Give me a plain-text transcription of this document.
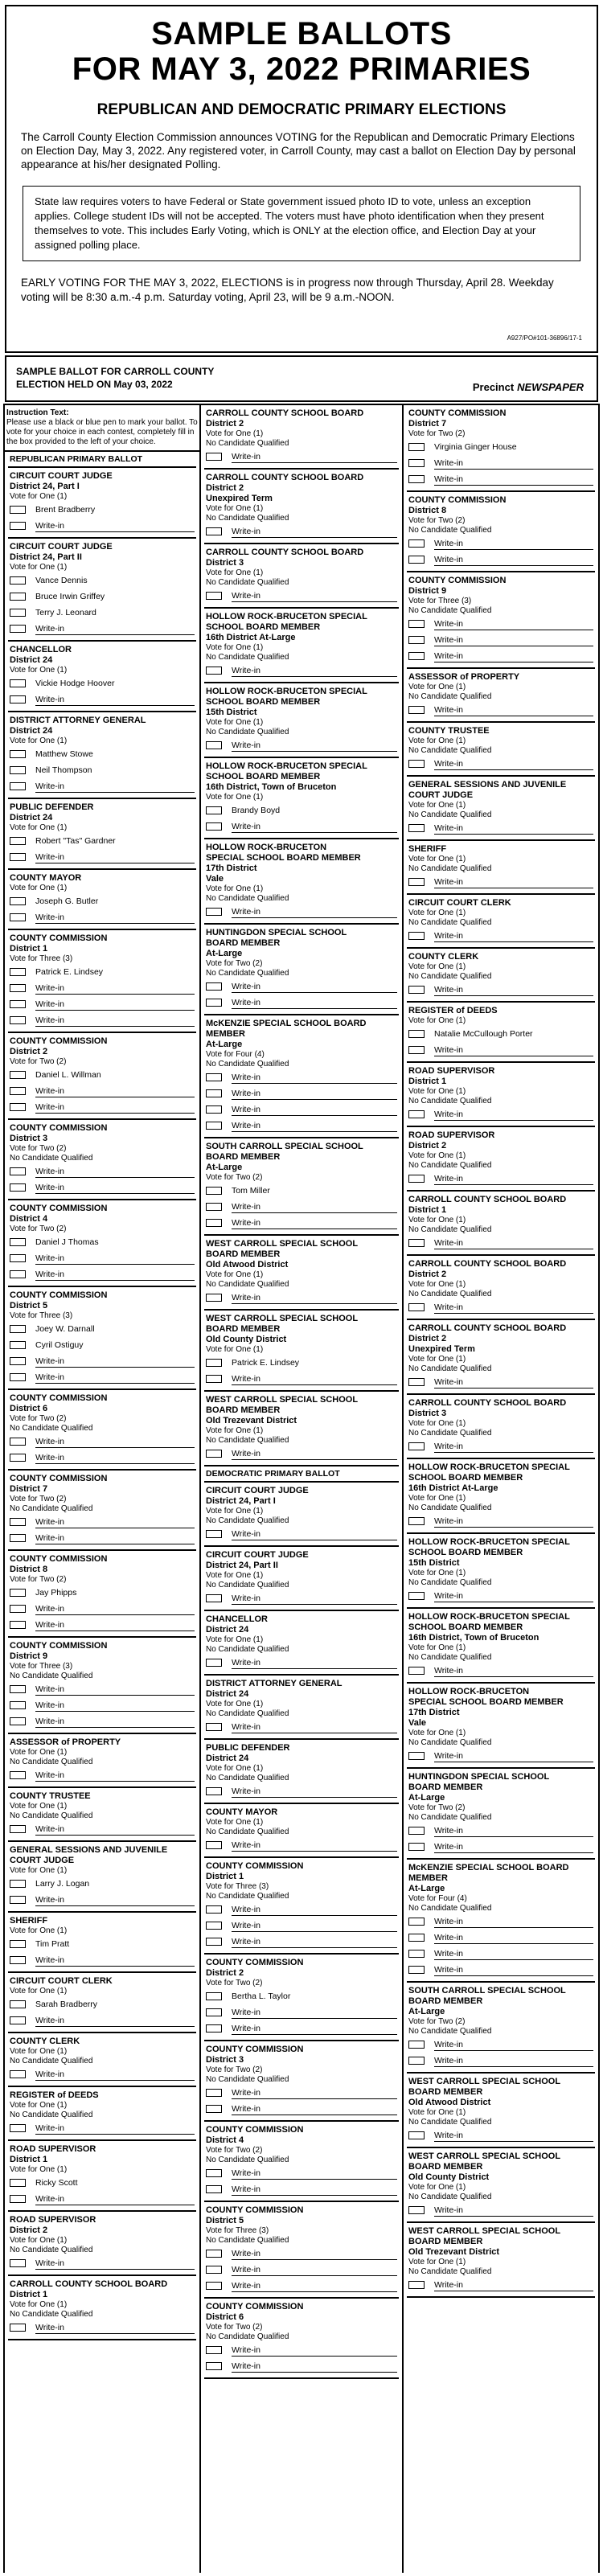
SAMPLE BALLOTS
FOR MAY 3, 2022 PRIMARIES
REPUBLICAN AND DEMOCRATIC PRIMARY ELECTIONS
The Carroll County Election Commission announces VOTING for the Republican and Democratic Primary Elections on Election Day, May 3, 2022. Any registered voter, in Carroll County, may cast a ballot on Election Day by personal appearance at his/her designated Polling.
State law requires voters to have Federal or State government issued photo ID to vote, unless an exception applies. College student IDs will not be accepted. The voters must have photo identification when they present themselves to vote. This includes Early Voting, which is ONLY at the election office, and Election Day at your assigned polling place.
EARLY VOTING FOR THE MAY 3, 2022, ELECTIONS is in progress now through Thursday, April 28. Weekday voting will be 8:30 a.m.-4 p.m. Saturday voting, April 23, will be 9 a.m.-NOON.
A927/PO#101-36896/17-1
SAMPLE BALLOT FOR CARROLL COUNTY
ELECTION HELD ON May 03, 2022	Precinct NEWSPAPER
Instruction Text:
Please use a black or blue pen to mark your ballot. To vote for your choice in each contest, completely fill in the box provided to the left of your choice.
REPUBLICAN PRIMARY BALLOT
CIRCUIT COURT JUDGE
District 24, Part I
Vote for One (1)
Brent Bradberry
Write-in
CIRCUIT COURT JUDGE
District 24, Part II
Vote for One (1)
Vance Dennis
Bruce Irwin Griffey
Terry J. Leonard
Write-in
CHANCELLOR
District 24
Vote for One (1)
Vickie Hodge Hoover
Write-in
DISTRICT ATTORNEY GENERAL
District 24
Vote for One (1)
Matthew Stowe
Neil Thompson
Write-in
PUBLIC DEFENDER
District 24
Vote for One (1)
Robert "Tas" Gardner
Write-in
COUNTY MAYOR
Vote for One (1)
Joseph G. Butler
Write-in
COUNTY COMMISSION
District 1
Vote for Three (3)
Patrick E. Lindsey
Write-in
Write-in
Write-in
COUNTY COMMISSION
District 2
Vote for Two (2)
Daniel L. Willman
Write-in
Write-in
COUNTY COMMISSION
District 3
Vote for Two (2)
No Candidate Qualified
Write-in
Write-in
COUNTY COMMISSION
District 4
Vote for Two (2)
Daniel J Thomas
Write-in
Write-in
COUNTY COMMISSION
District 5
Vote for Three (3)
Joey W. Darnall
Cyril Ostiguy
Write-in
Write-in
COUNTY COMMISSION
District 6
Vote for Two (2)
No Candidate Qualified
Write-in
Write-in
COUNTY COMMISSION
District 7
Vote for Two (2)
No Candidate Qualified
Write-in
Write-in
COUNTY COMMISSION
District 8
Vote for Two (2)
Jay Phipps
Write-in
Write-in
COUNTY COMMISSION
District 9
Vote for Three (3)
No Candidate Qualified
Write-in
Write-in
Write-in
ASSESSOR of PROPERTY
Vote for One (1)
No Candidate Qualified
Write-in
COUNTY TRUSTEE
Vote for One (1)
No Candidate Qualified
Write-in
GENERAL SESSIONS AND JUVENILE
COURT JUDGE
Vote for One (1)
Larry J. Logan
Write-in
SHERIFF
Vote for One (1)
Tim Pratt
Write-in
CIRCUIT COURT CLERK
Vote for One (1)
Sarah Bradberry
Write-in
COUNTY CLERK
Vote for One (1)
No Candidate Qualified
Write-in
REGISTER of DEEDS
Vote for One (1)
No Candidate Qualified
Write-in
ROAD SUPERVISOR
District 1
Vote for One (1)
Ricky Scott
Write-in
ROAD SUPERVISOR
District 2
Vote for One (1)
No Candidate Qualified
Write-in
CARROLL COUNTY SCHOOL BOARD
District 1
Vote for One (1)
No Candidate Qualified
Write-in
CARROLL COUNTY SCHOOL BOARD
District 2
Vote for One (1)
No Candidate Qualified
Write-in
CARROLL COUNTY SCHOOL BOARD
District 2
Unexpired Term
Vote for One (1)
No Candidate Qualified
Write-in
CARROLL COUNTY SCHOOL BOARD
District 3
Vote for One (1)
No Candidate Qualified
Write-in
HOLLOW ROCK-BRUCETON SPECIAL
SCHOOL BOARD MEMBER
16th District At-Large
Vote for One (1)
No Candidate Qualified
Write-in
HOLLOW ROCK-BRUCETON SPECIAL
SCHOOL BOARD MEMBER
15th District
Vote for One (1)
No Candidate Qualified
Write-in
HOLLOW ROCK-BRUCETON SPECIAL
SCHOOL BOARD MEMBER
16th District, Town of Bruceton
Vote for One (1)
Brandy Boyd
Write-in
HOLLOW ROCK-BRUCETON
SPECIAL SCHOOL BOARD MEMBER
17th District
Vale
Vote for One (1)
No Candidate Qualified
Write-in
HUNTINGDON SPECIAL SCHOOL
BOARD MEMBER
At-Large
Vote for Two (2)
No Candidate Qualified
Write-in
Write-in
McKENZIE SPECIAL SCHOOL BOARD
MEMBER
At-Large
Vote for Four (4)
No Candidate Qualified
Write-in
Write-in
Write-in
Write-in
SOUTH CARROLL SPECIAL SCHOOL
BOARD MEMBER
At-Large
Vote for Two (2)
Tom Miller
Write-in
Write-in
WEST CARROLL SPECIAL SCHOOL
BOARD MEMBER
Old Atwood District
Vote for One (1)
No Candidate Qualified
Write-in
WEST CARROLL SPECIAL SCHOOL
BOARD MEMBER
Old County District
Vote for One (1)
Patrick E. Lindsey
Write-in
WEST CARROLL SPECIAL SCHOOL
BOARD MEMBER
Old Trezevant District
Vote for One (1)
No Candidate Qualified
Write-in
DEMOCRATIC PRIMARY BALLOT
CIRCUIT COURT JUDGE
District 24, Part I
Vote for One (1)
No Candidate Qualified
Write-in
CIRCUIT COURT JUDGE
District 24, Part II
Vote for One (1)
No Candidate Qualified
Write-in
CHANCELLOR
District 24
Vote for One (1)
No Candidate Qualified
Write-in
DISTRICT ATTORNEY GENERAL
District 24
Vote for One (1)
No Candidate Qualified
Write-in
PUBLIC DEFENDER
District 24
Vote for One (1)
No Candidate Qualified
Write-in
COUNTY MAYOR
Vote for One (1)
No Candidate Qualified
Write-in
COUNTY COMMISSION
District 1
Vote for Three (3)
No Candidate Qualified
Write-in
Write-in
Write-in
COUNTY COMMISSION
District 2
Vote for Two (2)
Bertha L. Taylor
Write-in
Write-in
COUNTY COMMISSION
District 3
Vote for Two (2)
No Candidate Qualified
Write-in
Write-in
COUNTY COMMISSION
District 4
Vote for Two (2)
No Candidate Qualified
Write-in
Write-in
COUNTY COMMISSION
District 5
Vote for Three (3)
No Candidate Qualified
Write-in
Write-in
Write-in
COUNTY COMMISSION
District 6
Vote for Two (2)
No Candidate Qualified
Write-in
Write-in
COUNTY COMMISSION
District 7
Vote for Two (2)
Virginia Ginger House
Write-in
Write-in
COUNTY COMMISSION
District 8
Vote for Two (2)
No Candidate Qualified
Write-in
Write-in
COUNTY COMMISSION
District 9
Vote for Three (3)
No Candidate Qualified
Write-in
Write-in
Write-in
ASSESSOR of PROPERTY
Vote for One (1)
No Candidate Qualified
Write-in
COUNTY TRUSTEE
Vote for One (1)
No Candidate Qualified
Write-in
GENERAL SESSIONS AND JUVENILE
COURT JUDGE
Vote for One (1)
No Candidate Qualified
Write-in
SHERIFF
Vote for One (1)
No Candidate Qualified
Write-in
CIRCUIT COURT CLERK
Vote for One (1)
No Candidate Qualified
Write-in
COUNTY CLERK
Vote for One (1)
No Candidate Qualified
Write-in
REGISTER of DEEDS
Vote for One (1)
Natalie McCullough Porter
Write-in
ROAD SUPERVISOR
District 1
Vote for One (1)
No Candidate Qualified
Write-in
ROAD SUPERVISOR
District 2
Vote for One (1)
No Candidate Qualified
Write-in
CARROLL COUNTY SCHOOL BOARD
District 1
Vote for One (1)
No Candidate Qualified
Write-in
CARROLL COUNTY SCHOOL BOARD
District 2
Vote for One (1)
No Candidate Qualified
Write-in
CARROLL COUNTY SCHOOL BOARD
District 2
Unexpired Term
Vote for One (1)
No Candidate Qualified
Write-in
CARROLL COUNTY SCHOOL BOARD
District 3
Vote for One (1)
No Candidate Qualified
Write-in
HOLLOW ROCK-BRUCETON SPECIAL
SCHOOL BOARD MEMBER
16th District At-Large
Vote for One (1)
No Candidate Qualified
Write-in
HOLLOW ROCK-BRUCETON SPECIAL
SCHOOL BOARD MEMBER
15th District
Vote for One (1)
No Candidate Qualified
Write-in
HOLLOW ROCK-BRUCETON SPECIAL
SCHOOL BOARD MEMBER
16th District, Town of Bruceton
Vote for One (1)
No Candidate Qualified
Write-in
HOLLOW ROCK-BRUCETON
SPECIAL SCHOOL BOARD MEMBER
17th District
Vale
Vote for One (1)
No Candidate Qualified
Write-in
HUNTINGDON SPECIAL SCHOOL
BOARD MEMBER
At-Large
Vote for Two (2)
No Candidate Qualified
Write-in
Write-in
McKENZIE SPECIAL SCHOOL BOARD
MEMBER
At-Large
Vote for Four (4)
No Candidate Qualified
Write-in
Write-in
Write-in
Write-in
SOUTH CARROLL SPECIAL SCHOOL
BOARD MEMBER
At-Large
Vote for Two (2)
No Candidate Qualified
Write-in
Write-in
WEST CARROLL SPECIAL SCHOOL
BOARD MEMBER
Old Atwood District
Vote for One (1)
No Candidate Qualified
Write-in
WEST CARROLL SPECIAL SCHOOL
BOARD MEMBER
Old County District
Vote for One (1)
No Candidate Qualified
Write-in
WEST CARROLL SPECIAL SCHOOL
BOARD MEMBER
Old Trezevant District
Vote for One (1)
No Candidate Qualified
Write-in
